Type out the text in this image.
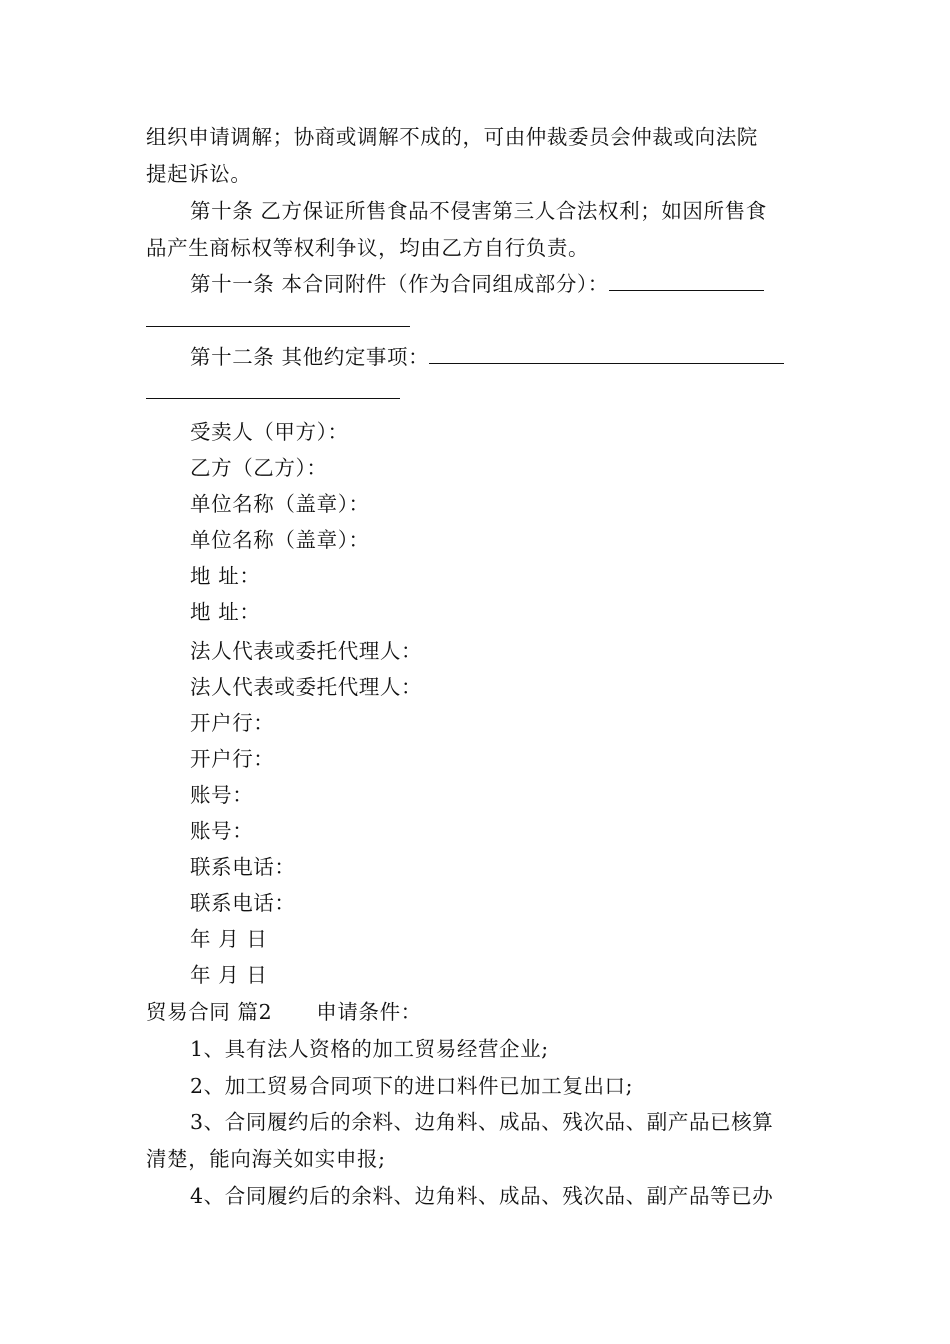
组织申请调解；协商或调解不成的，可由仲裁委员会仲裁或向法院
提起诉讼。
第十条 乙方保证所售食品不侵害第三人合法权利；如因所售食
品产生商标权等权利争议，均由乙方自行负责。
第十一条 本合同附件（作为合同组成部分）：
第十二条 其他约定事项：
受卖人（甲方）：
乙方（乙方）：
单位名称（盖章）：
单位名称（盖章）：
地 址：
地 址：
法人代表或委托代理人：
法人代表或委托代理人：
开户行：
开户行：
账号：
账号：
联系电话：
联系电话：
年 月 日
年 月 日
贸易合同 篇2 申请条件：
1、具有法人资格的加工贸易经营企业;
2、加工贸易合同项下的进口料件已加工复出口;
3、合同履约后的余料、边角料、成品、残次品、副产品已核算
清楚，能向海关如实申报;
4、合同履约后的余料、边角料、成品、残次品、副产品等已办
